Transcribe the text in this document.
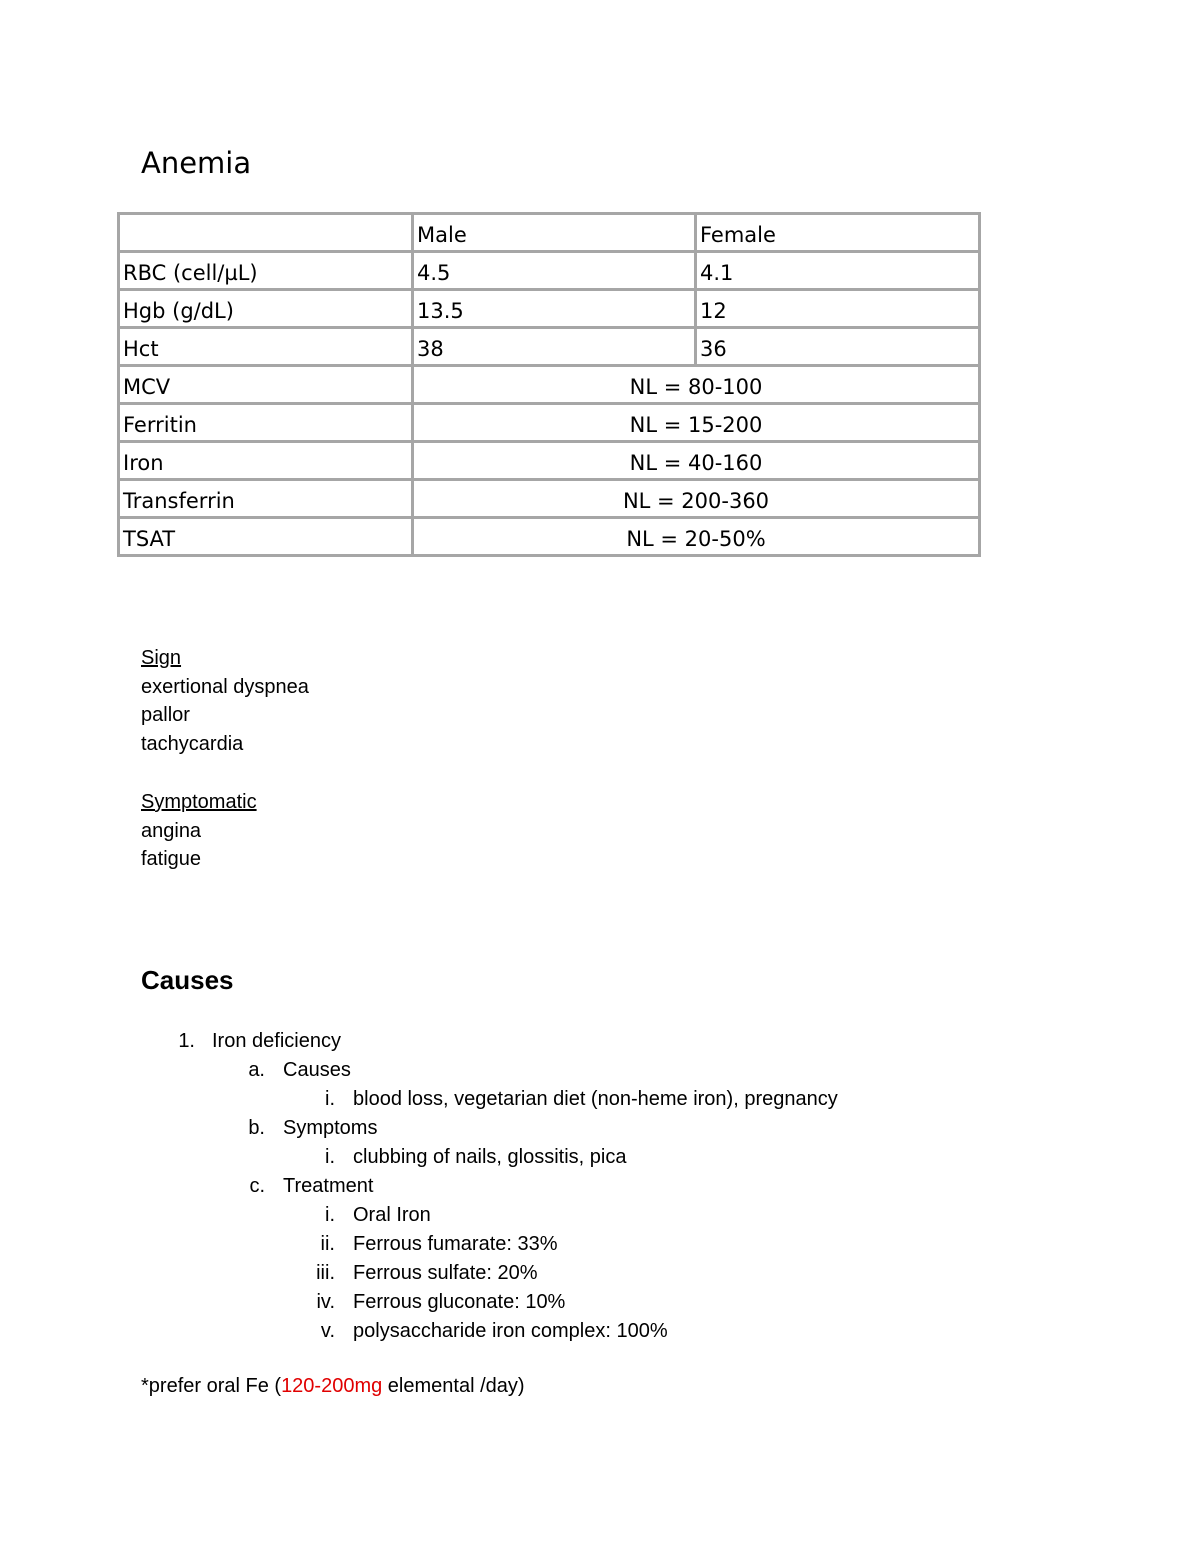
Anemia
	Male	Female
RBC (cell/µL)	4.5	4.1
Hgb (g/dL)	13.5	12
Hct	38	36
MCV	NL = 80-100	
Ferritin	NL = 15-200	
Iron	NL = 40-160	
Transferrin	NL = 200-360	
TSAT	NL = 20-50%	
Sign
exertional dyspnea
pallor
tachycardia
Symptomatic
angina
fatigue
Causes
1. Iron deficiency
a. Causes
i. blood loss, vegetarian diet (non-heme iron), pregnancy
b. Symptoms
i. clubbing of nails, glossitis, pica
c. Treatment
i. Oral Iron
ii. Ferrous fumarate: 33%
iii. Ferrous sulfate: 20%
iv. Ferrous gluconate: 10%
v. polysaccharide iron complex: 100%
*prefer oral Fe (120-200mg elemental /day)
